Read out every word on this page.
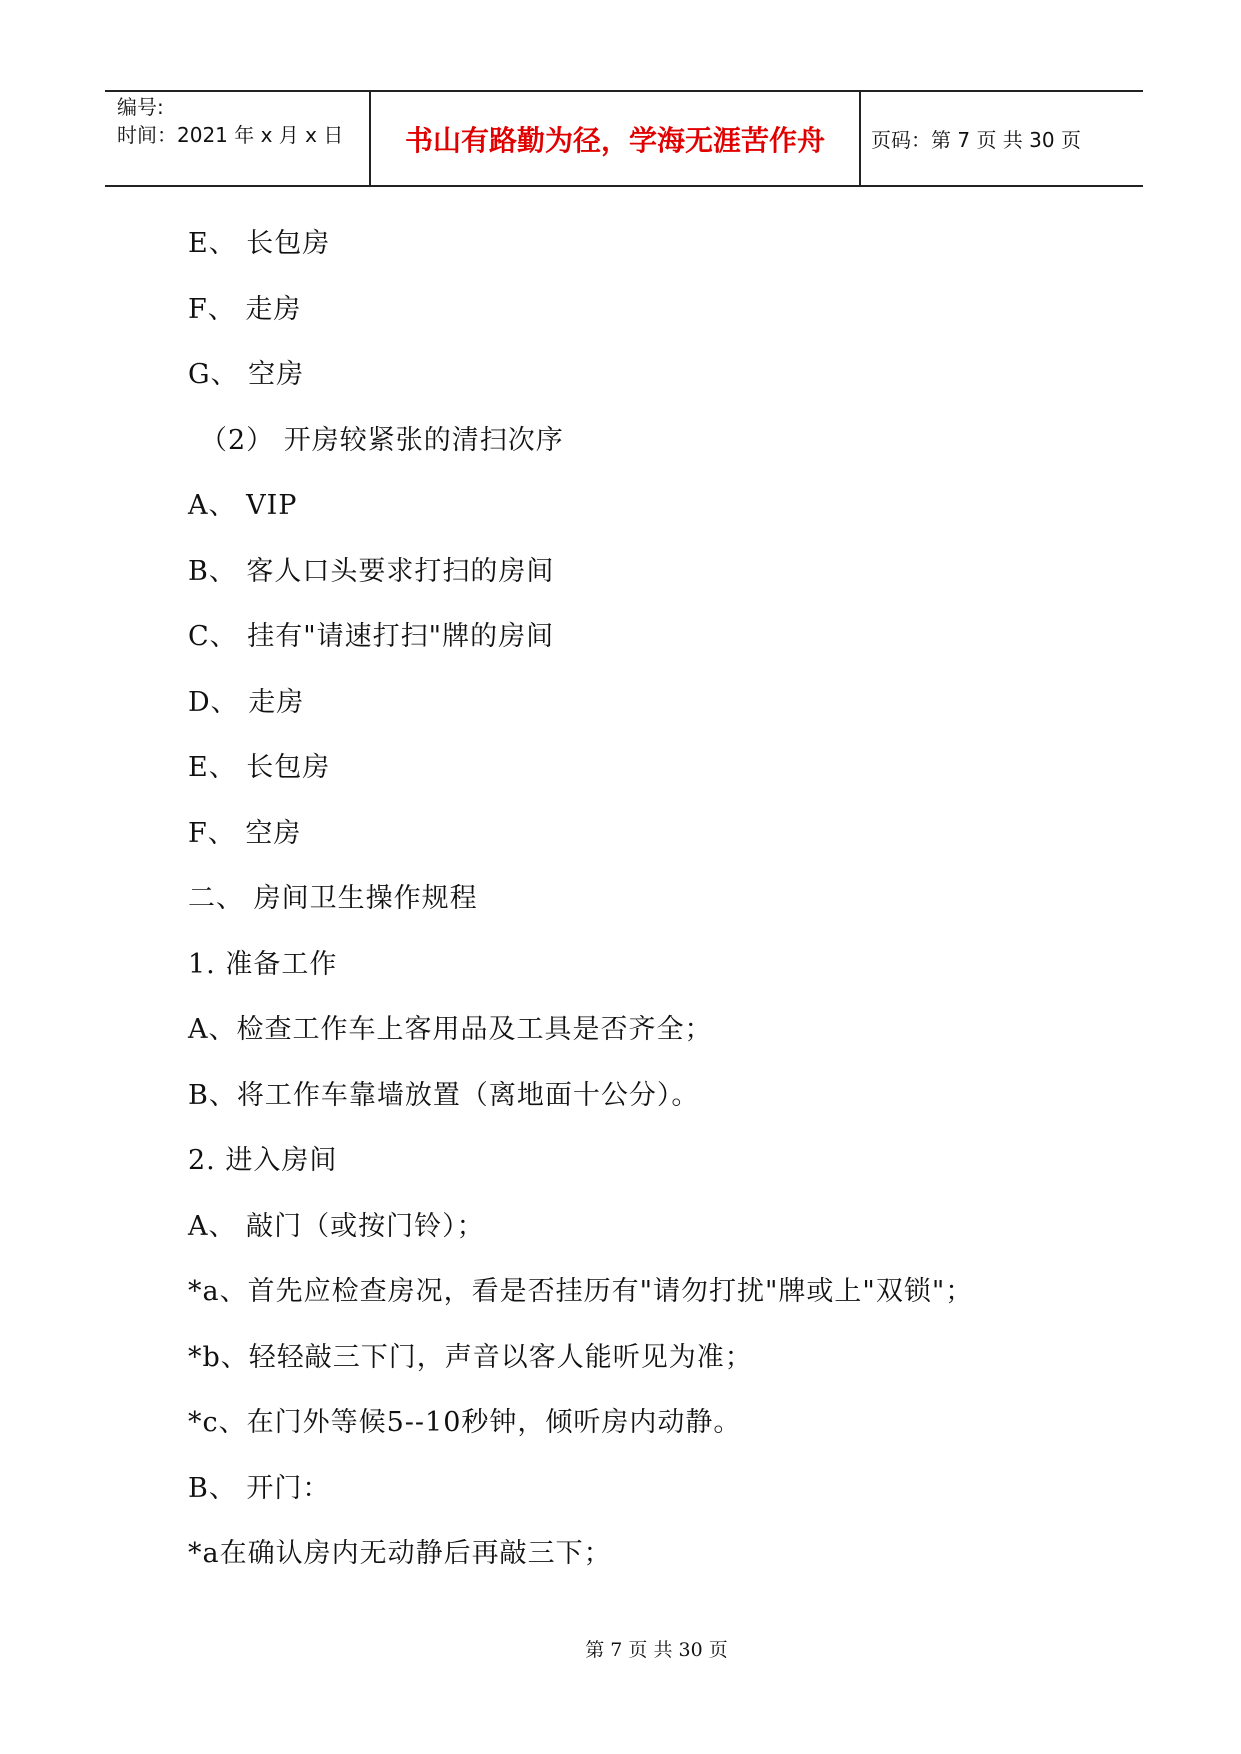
编号:
时间：2021 年 x 月 x 日	书山有路勤为径，学海无涯苦作舟	页码：第 7 页 共 30 页
E、 长包房
F、 走房
G、 空房
（2） 开房较紧张的清扫次序
A、 VIP
B、 客人口头要求打扫的房间
C、 挂有"请速打扫"牌的房间
D、 走房
E、 长包房
F、 空房
二、 房间卫生操作规程
1. 准备工作
A、检查工作车上客用品及工具是否齐全；
B、将工作车靠墙放置（离地面十公分）。
2. 进入房间
A、 敲门（或按门铃）；
*a、首先应检查房况，看是否挂历有"请勿打扰"牌或上"双锁"；
*b、轻轻敲三下门，声音以客人能听见为准；
*c、在门外等候5--10秒钟，倾听房内动静。
B、 开门：
*a在确认房内无动静后再敲三下；
第 7 页 共 30 页
